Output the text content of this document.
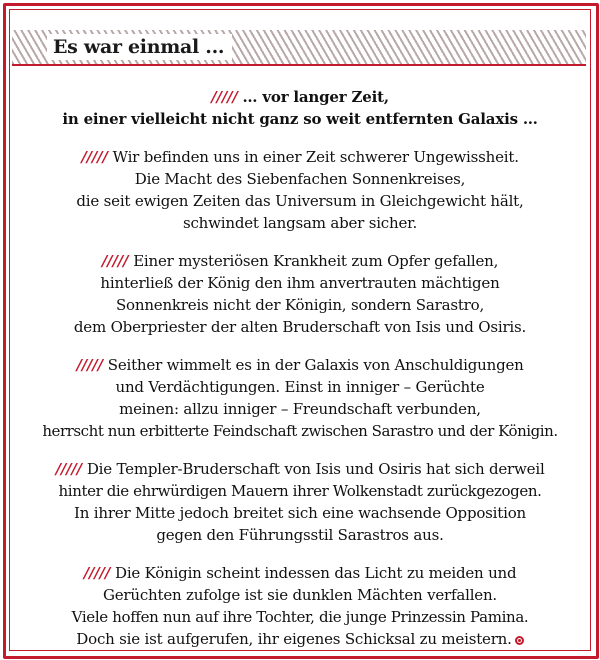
Es war einmal ...

///// … vor langer Zeit,
in einer vielleicht nicht ganz so weit entfernten Galaxis …

///// Wir befinden uns in einer Zeit schwerer Ungewissheit.
Die Macht des Siebenfachen Sonnenkreises,
die seit ewigen Zeiten das Universum in Gleichgewicht hält,
schwindet langsam aber sicher.

///// Einer mysteriösen Krankheit zum Opfer gefallen,
hinterließ der König den ihm anvertrauten mächtigen
Sonnenkreis nicht der Königin, sondern Sarastro,
dem Oberpriester der alten Bruderschaft von Isis und Osiris.

///// Seither wimmelt es in der Galaxis von Anschuldigungen
und Verdächtigungen. Einst in inniger – Gerüchte
meinen: allzu inniger – Freundschaft verbunden,
herrscht nun erbitterte Feindschaft zwischen Sarastro und der Königin.

///// Die Templer-Bruderschaft von Isis und Osiris hat sich derweil
hinter die ehrwürdigen Mauern ihrer Wolkenstadt zurückgezogen.
In ihrer Mitte jedoch breitet sich eine wachsende Opposition
gegen den Führungsstil Sarastros aus.

///// Die Königin scheint indessen das Licht zu meiden und
Gerüchten zufolge ist sie dunklen Mächten verfallen.
Viele hoffen nun auf ihre Tochter, die junge Prinzessin Pamina.
Doch sie ist aufgerufen, ihr eigenes Schicksal zu meistern.
